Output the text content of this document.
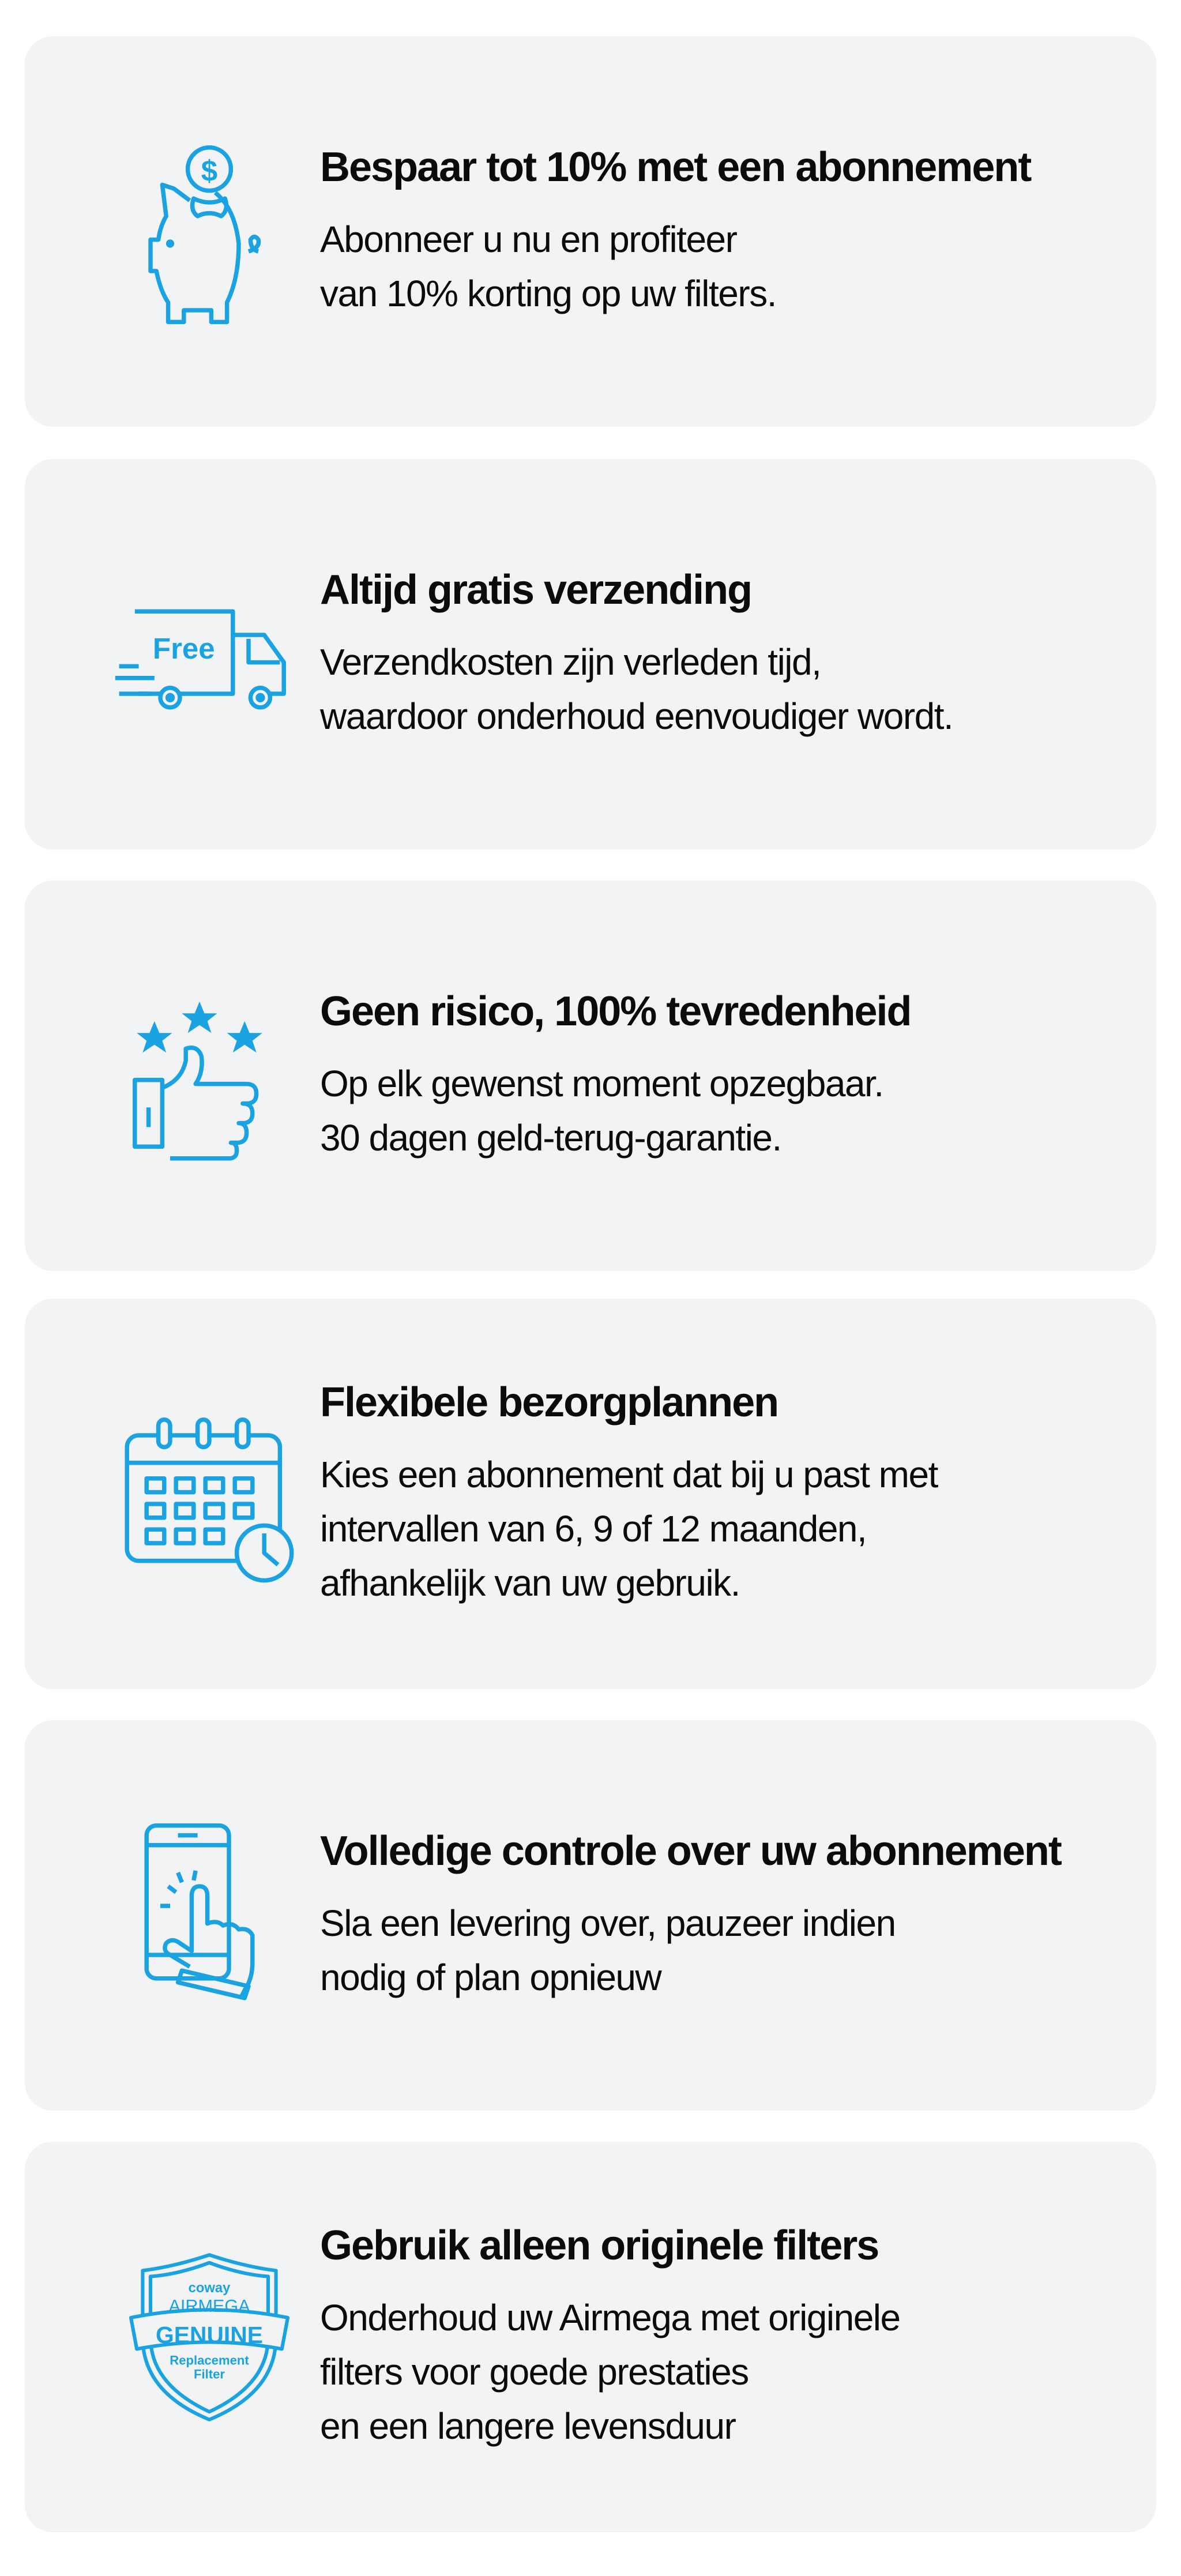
$ Bespaar tot 10% met een abonnement

Abonneer u nu en profiteer
van 10% korting op uw filters.

Free

Altijd gratis verzending

Verzendkosten zijn verleden tijd,
waardoor onderhoud eenvoudiger wordt.

Geen risico, 100% tevredenheid

Op elk gewenst moment opzegbaar.
30 dagen geld-terug-garantie.

Flexibele bezorgplannen

Kies een abonnement dat bij u past met
intervallen van 6, 9 of 12 maanden,
afhankelijk van uw gebruik.

Volledige controle over uw abonnement

Sla een levering over, pauzeer indien
nodig of plan opnieuw

coway
AIRMEGA
GENUINE
Replacement
Filter

Gebruik alleen originele filters

Onderhoud uw Airmega met originele
filters voor goede prestaties
en een langere levensduur
